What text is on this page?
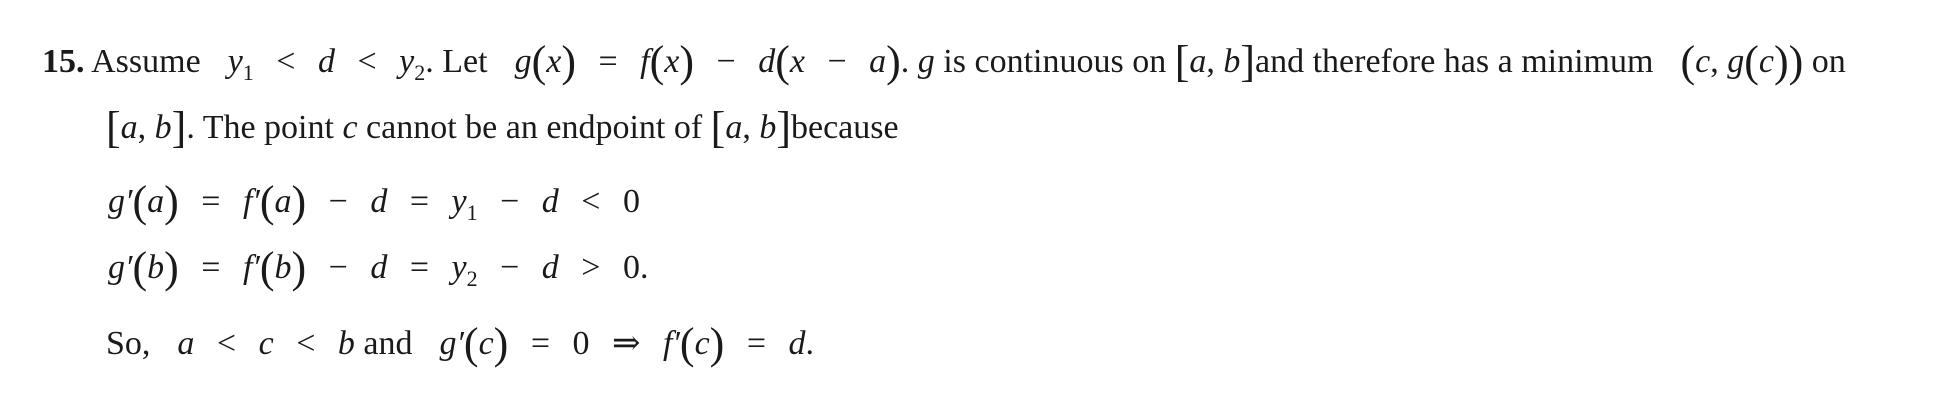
15. Assume $y_1 < d < y_2$. Let g(x) = f(x) − d(x − a). g is continuous on [a, b]and therefore has a minimum (c, g(c)) on
[a, b]. The point c cannot be an endpoint of [a, b]because
$g'(a) = f'(a) - d = y_1 - d < 0$
$g'(b) = f'(b) - d = y_2 - d > 0$.
So, a < c < b and g′(c) = 0 ⇒ f′(c) = d.
